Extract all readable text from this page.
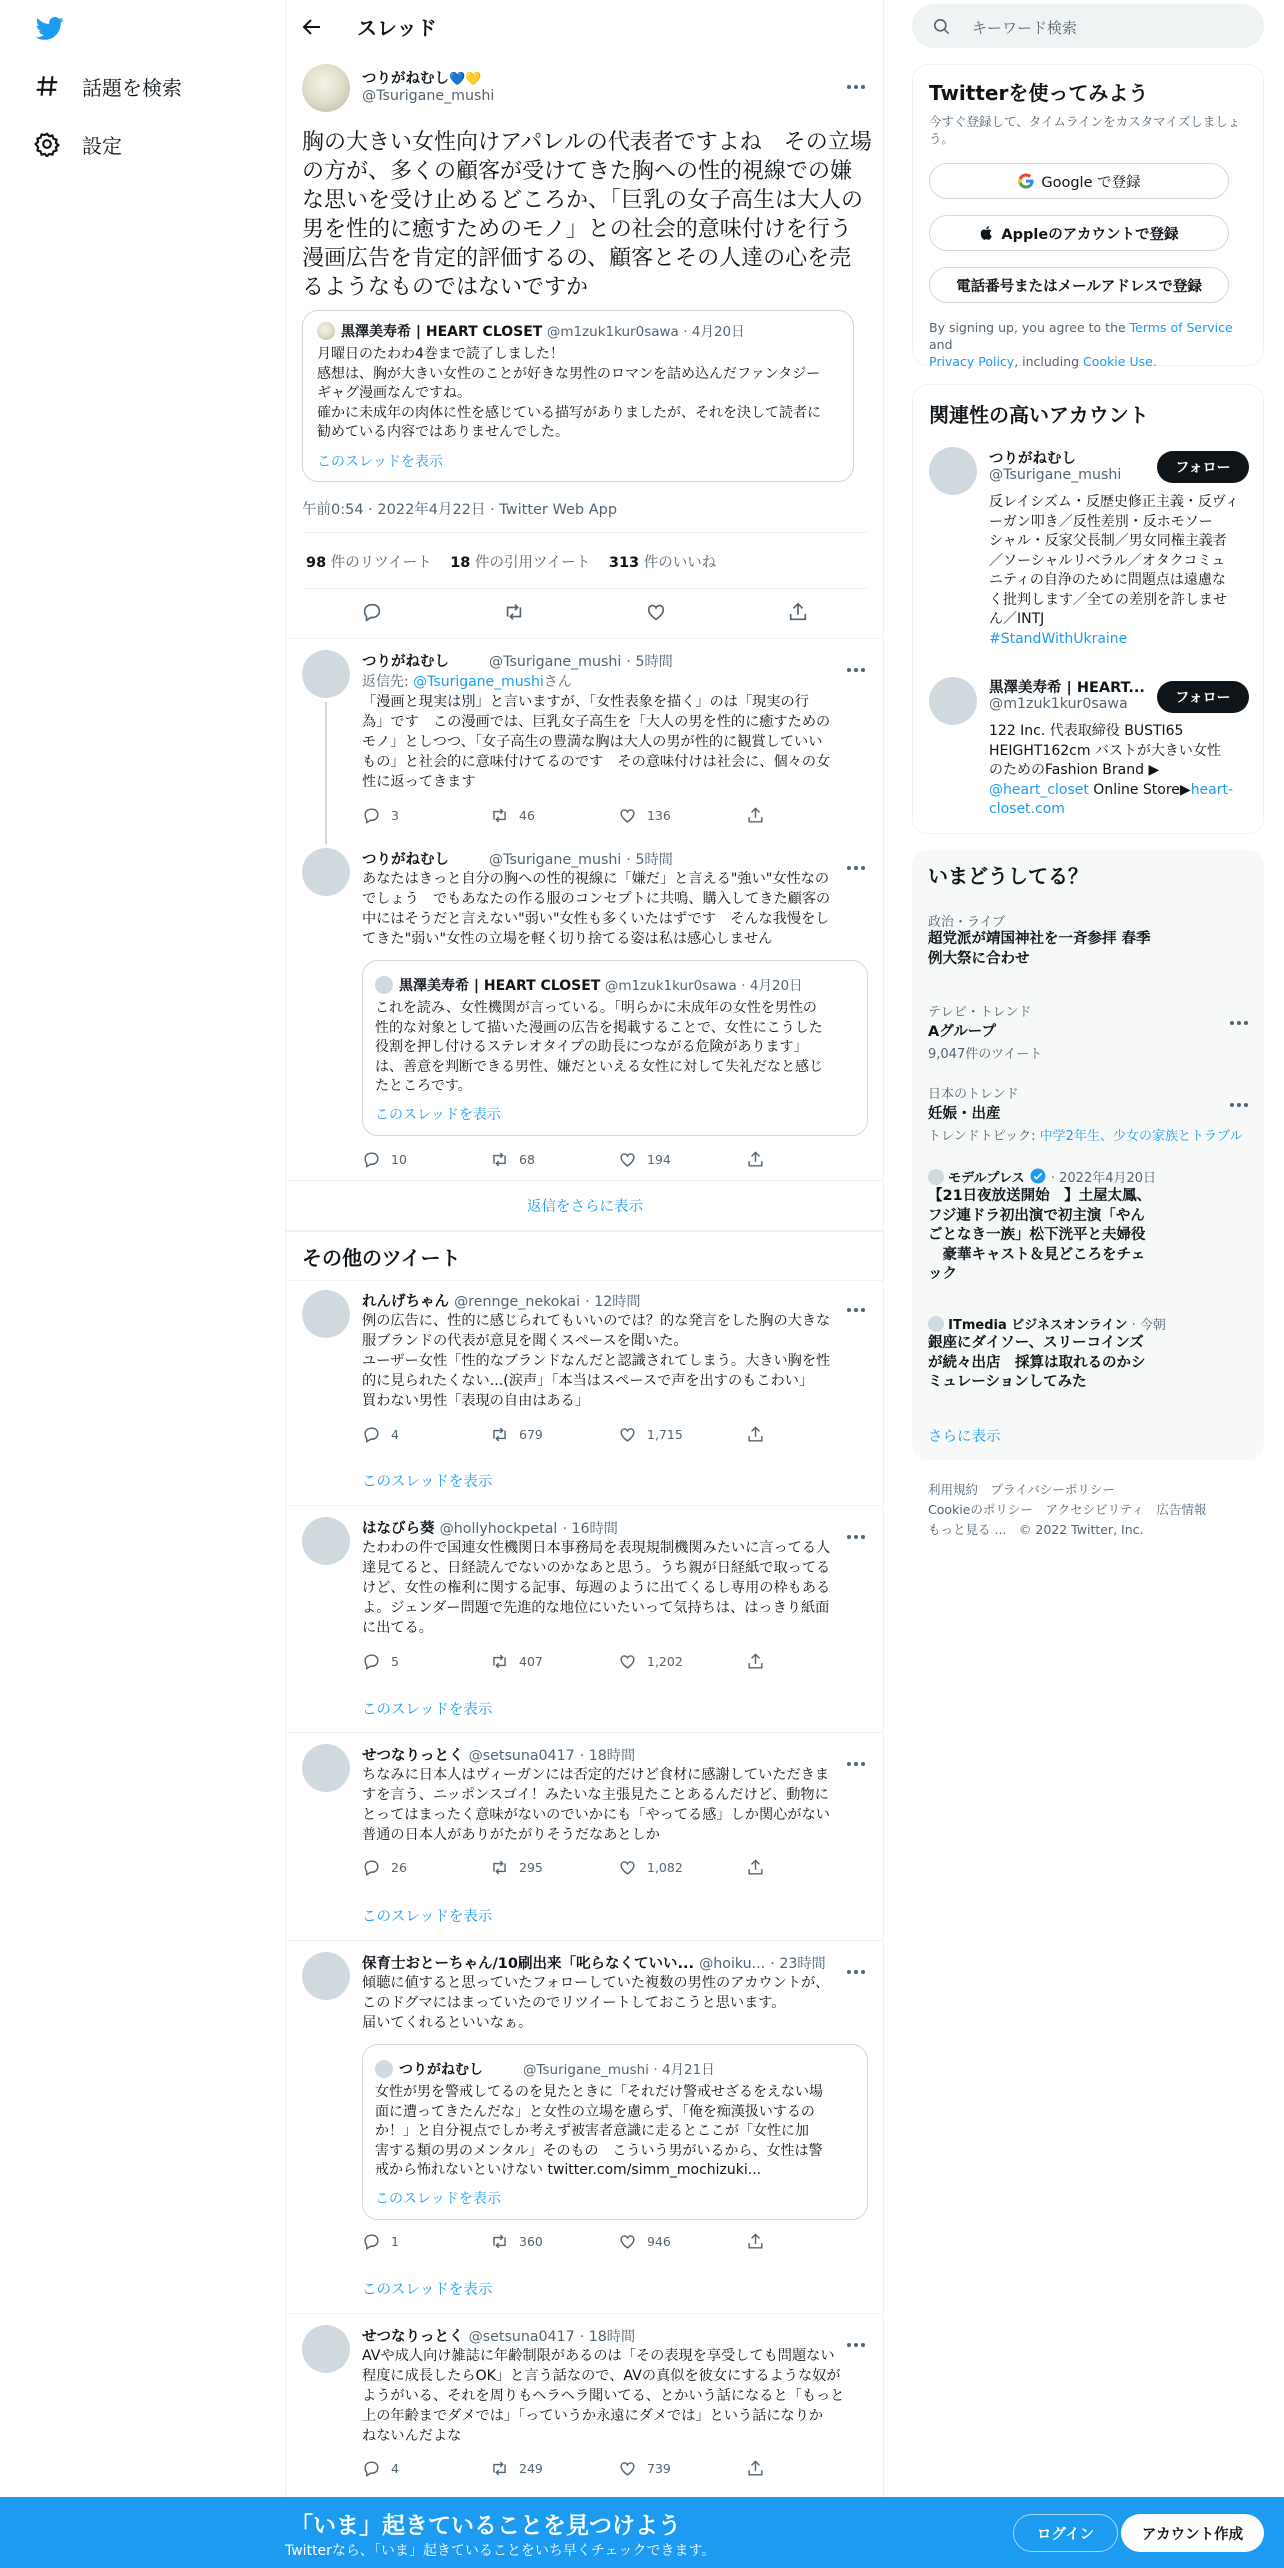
話題を検索
設定
スレッド
つりがねむし💙💛
@Tsurigane_mushi
胸の大きい女性向けアパレルの代表者ですよね　その立場の方が、多くの顧客が受けてきた胸への性的視線での嫌な思いを受け止めるどころか、「巨乳の女子高生は大人の男を性的に癒すためのモノ」との社会的意味付けを行う漫画広告を肯定的評価するの、顧客とその人達の心を売るようなものではないですか
黒澤美寿希 | HEART CLOSET @m1zuk1kur0sawa · 4月20日
月曜日のたわわ4巻まで読了しました！
感想は、胸が大きい女性のことが好きな男性のロマンを詰め込んだファンタジー
ギャグ漫画なんですね。
確かに未成年の肉体に性を感じている描写がありましたが、それを決して読者に
勧めている内容ではありませんでした。
このスレッドを表示
午前0:54 · 2022年4月22日 · Twitter Web App
98 件のリツイート 18 件の引用ツイート 313 件のいいね
つりがねむし	@Tsurigane_mushi · 5時間
返信先: @Tsurigane_mushiさん
「漫画と現実は別」と言いますが、「女性表象を描く」のは「現実の行
為」です　この漫画では、巨乳女子高生を「大人の男を性的に癒すための
モノ」としつつ、「女子高生の豊満な胸は大人の男が性的に観賞していい
もの」と社会的に意味付けてるのです　その意味付けは社会に、個々の女
性に返ってきます
3	46	136
つりがねむし	@Tsurigane_mushi · 5時間
あなたはきっと自分の胸への性的視線に「嫌だ」と言える"強い"女性なの
でしょう　でもあなたの作る服のコンセプトに共鳴、購入してきた顧客の
中にはそうだと言えない"弱い"女性も多くいたはずです　そんな我慢をし
てきた"弱い"女性の立場を軽く切り捨てる姿は私は感心しません
黒澤美寿希 | HEART CLOSET @m1zuk1kur0sawa · 4月20日
これを読み、女性機関が言っている。「明らかに未成年の女性を男性の
性的な対象として描いた漫画の広告を掲載することで、女性にこうした
役割を押し付けるステレオタイプの助長につながる危険があります」
は、善意を判断できる男性、嫌だといえる女性に対して失礼だなと感じ
たところです。
このスレッドを表示
10	68	194
返信をさらに表示
その他のツイート
れんげちゃん @rennge_nekokai · 12時間
例の広告に、性的に感じられてもいいのでは？的な発言をした胸の大きな
服ブランドの代表が意見を聞くスペースを聞いた。
ユーザー女性「性的なブランドなんだと認識されてしまう。大きい胸を性
的に見られたくない...(涙声」「本当はスペースで声を出すのもこわい」
買わない男性「表現の自由はある」
4	679	1,715
このスレッドを表示
はなびら葵 @hollyhockpetal · 16時間
たわわの件で国連女性機関日本事務局を表現規制機関みたいに言ってる人
達見てると、日経読んでないのかなあと思う。うち親が日経紙で取ってる
けど、女性の権利に関する記事、毎週のように出てくるし専用の枠もある
よ。ジェンダー問題で先進的な地位にいたいって気持ちは、はっきり紙面
に出てる。
5	407	1,202
このスレッドを表示
せつなりっとく @setsuna0417 · 18時間
ちなみに日本人はヴィーガンには否定的だけど食材に感謝していただきま
すを言う、ニッポンスゴイ！みたいな主張見たことあるんだけど、動物に
とってはまったく意味がないのでいかにも「やってる感」しか関心がない
普通の日本人がありがたがりそうだなあとしか
26	295	1,082
このスレッドを表示
保育士おとーちゃん/10刷出来「叱らなくていい... @hoiku... · 23時間
傾聴に値すると思っていたフォローしていた複数の男性のアカウントが、
このドグマにはまっていたのでリツイートしておこうと思います。
届いてくれるといいなぁ。
つりがねむし	@Tsurigane_mushi · 4月21日
女性が男を警戒してるのを見たときに「それだけ警戒せざるをえない場
面に遭ってきたんだな」と女性の立場を慮らず、「俺を痴漢扱いするの
か！」と自分視点でしか考えず被害者意識に走るとここが「女性に加
害する類の男のメンタル」そのもの　こういう男がいるから、女性は警
戒から怖れないといけない twitter.com/simm_mochizuki...
このスレッドを表示
1	360	946
このスレッドを表示
せつなりっとく @setsuna0417 · 18時間
AVや成人向け雑誌に年齢制限があるのは「その表現を享受しても問題ない
程度に成長したらOK」と言う話なので、AVの真似を彼女にするような奴が
ようがいる、それを周りもヘラヘラ聞いてる、とかいう話になると「もっと
上の年齢までダメでは」「っていうか永遠にダメでは」という話になりか
ねないんだよな
4	249	739
キーワード検索
Twitterを使ってみよう
今すぐ登録して、タイムラインをカスタマイズしましょ
う。
Google で登録
Appleのアカウントで登録
電話番号またはメールアドレスで登録
By signing up, you agree to the Terms of Service and
Privacy Policy, including Cookie Use.
関連性の高いアカウント
つりがねむし
@Tsurigane_mushi	フォロー
反レイシズム・反歴史修正主義・反ヴィ
ーガン叩き／反性差別・反ホモソー
シャル・反家父長制／男女同権主義者
／ソーシャルリベラル／オタクコミュ
ニティの自浄のために問題点は遠慮な
く批判します／全ての差別を許しませ
ん／INTJ
#StandWithUkraine
黒澤美寿希 | HEART...
@m1zuk1kur0sawa	フォロー
122 Inc. 代表取締役 BUSTI65
HEIGHT162cm バストが大きい女性
のためのFashion Brand ▶
@heart_closet Online Store▶heart-
closet.com
いまどうしてる？
政治・ライブ
超党派が靖国神社を一斉参拝 春季
例大祭に合わせ
テレビ・トレンド
Aグループ
9,047件のツイート
日本のトレンド
妊娠・出産
トレンドトピック: 中学2年生、少女の家族とトラブル
モデルプレス · 2022年4月20日
【21日夜放送開始　】土屋太鳳、
フジ連ドラ初出演で初主演「やん
ごとなき一族」松下洸平と夫婦役
　豪華キャスト＆見どころをチェ
ック
ITmedia ビジネスオンライン · 今朝
銀座にダイソー、スリーコインズ
が続々出店　採算は取れるのかシ
ミュレーションしてみた
さらに表示
利用規約　 プライバシーポリシー
Cookieのポリシー　 アクセシビリティ　 広告情報
もっと見る ...　 © 2022 Twitter, Inc.
「いま」起きていることを見つけよう
Twitterなら、「いま」起きていることをいち早くチェックできます。
ログイン	アカウント作成
